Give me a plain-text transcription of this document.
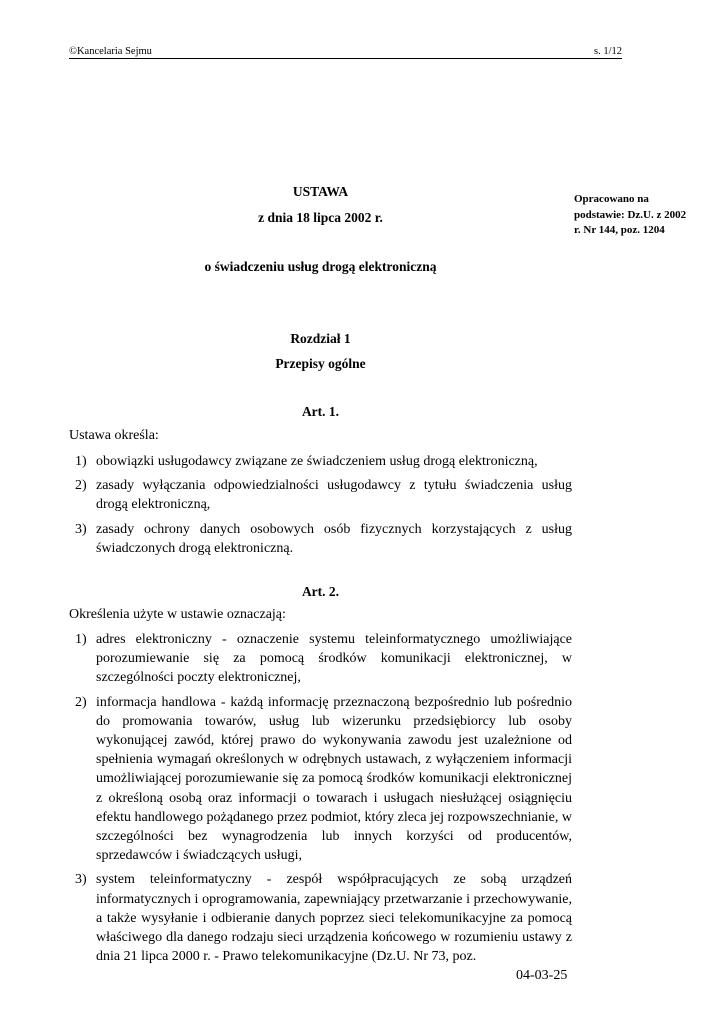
©Kancelaria Sejmu	s. 1/12
USTAWA
z dnia 18 lipca 2002 r.
o świadczeniu usług drogą elektroniczną
Opracowano na podstawie: Dz.U. z 2002 r. Nr 144, poz. 1204
Rozdział 1
Przepisy ogólne
Art. 1.
Ustawa określa:
1) obowiązki usługodawcy związane ze świadczeniem usług drogą elektroniczną,
2) zasady wyłączania odpowiedzialności usługodawcy z tytułu świadczenia usług drogą elektroniczną,
3) zasady ochrony danych osobowych osób fizycznych korzystających z usług świadczonych drogą elektroniczną.
Art. 2.
Określenia użyte w ustawie oznaczają:
1) adres elektroniczny - oznaczenie systemu teleinformatycznego umożliwiające porozumiewanie się za pomocą środków komunikacji elektronicznej, w szczególności poczty elektronicznej,
2) informacja handlowa - każdą informację przeznaczoną bezpośrednio lub pośrednio do promowania towarów, usług lub wizerunku przedsiębiorcy lub osoby wykonującej zawód, której prawo do wykonywania zawodu jest uzależnione od spełnienia wymagań określonych w odrębnych ustawach, z wyłączeniem informacji umożliwiającej porozumiewanie się za pomocą środków komunikacji elektronicznej z określoną osobą oraz informacji o towarach i usługach niesłużącej osiągnięciu efektu handlowego pożądanego przez podmiot, który zleca jej rozpowszechnianie, w szczególności bez wynagrodzenia lub innych korzyści od producentów, sprzedawców i świadczących usługi,
3) system teleinformatyczny - zespół współpracujących ze sobą urządzeń informatycznych i oprogramowania, zapewniający przetwarzanie i przechowywanie, a także wysyłanie i odbieranie danych poprzez sieci telekomunikacyjne za pomocą właściwego dla danego rodzaju sieci urządzenia końcowego w rozumieniu ustawy z dnia 21 lipca 2000 r. - Prawo telekomunikacyjne (Dz.U. Nr 73, poz.
04-03-25
